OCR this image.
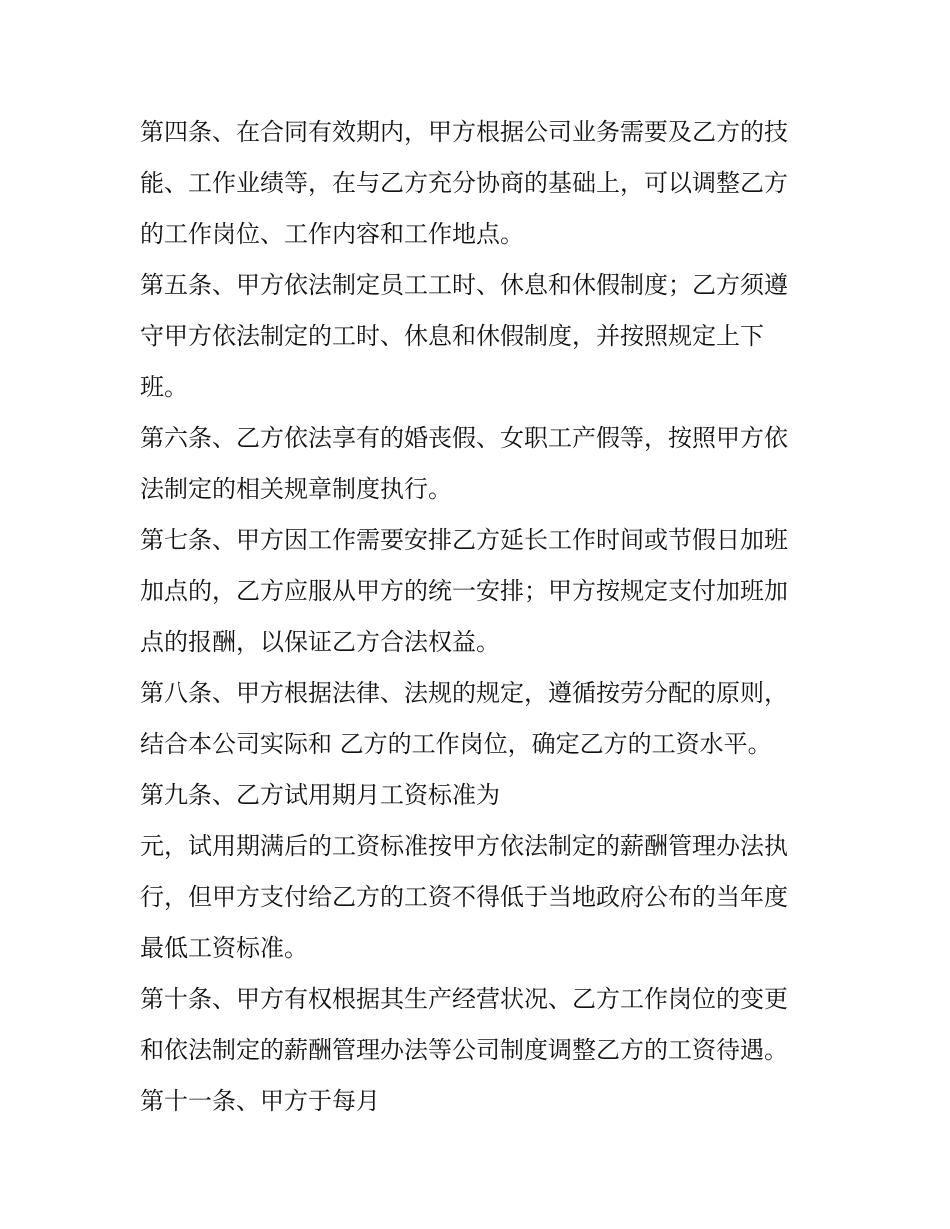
第四条、在合同有效期内，甲方根据公司业务需要及乙方的技
能、工作业绩等，在与乙方充分协商的基础上，可以调整乙方
的工作岗位、工作内容和工作地点。
第五条、甲方依法制定员工工时、休息和休假制度；乙方须遵
守甲方依法制定的工时、休息和休假制度，并按照规定上下
班。
第六条、乙方依法享有的婚丧假、女职工产假等，按照甲方依
法制定的相关规章制度执行。
第七条、甲方因工作需要安排乙方延长工作时间或节假日加班
加点的，乙方应服从甲方的统一安排；甲方按规定支付加班加
点的报酬，以保证乙方合法权益。
第八条、甲方根据法律、法规的规定，遵循按劳分配的原则，
结合本公司实际和 乙方的工作岗位，确定乙方的工资水平。
第九条、乙方试用期月工资标准为
元，试用期满后的工资标准按甲方依法制定的薪酬管理办法执
行，但甲方支付给乙方的工资不得低于当地政府公布的当年度
最低工资标准。
第十条、甲方有权根据其生产经营状况、乙方工作岗位的变更
和依法制定的薪酬管理办法等公司制度调整乙方的工资待遇。
第十一条、甲方于每月
